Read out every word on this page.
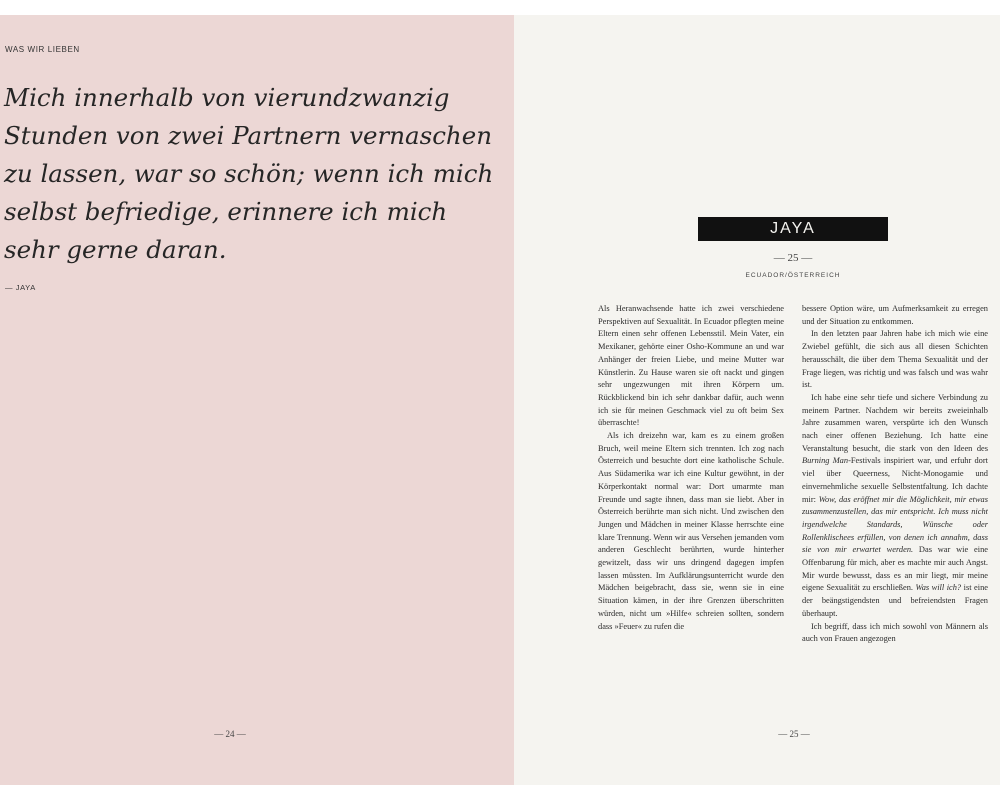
WAS WIR LIEBEN

Mich innerhalb von vierundzwanzig Stunden von zwei Partnern vernaschen zu lassen, war so schön; wenn ich mich selbst befriedige, erinnere ich mich sehr gerne daran.

— JAYA
— 24 —
JAYA
— 25 —
ECUADOR/ÖSTERREICH

Als Heranwachsende hatte ich zwei verschiedene Perspektiven auf Sexualität. In Ecuador pflegten meine Eltern einen sehr offenen Lebensstil. Mein Vater, ein Mexikaner, gehörte einer Osho-Kommune an und war Anhänger der freien Liebe, und meine Mutter war Künstlerin. Zu Hause waren sie oft nackt und gingen sehr ungezwungen mit ihren Körpern um. Rückblickend bin ich sehr dankbar dafür, auch wenn ich sie für meinen Geschmack viel zu oft beim Sex überraschte!

Als ich dreizehn war, kam es zu einem großen Bruch, weil meine Eltern sich trennten. Ich zog nach Österreich und besuchte dort eine katholische Schule. Aus Südamerika war ich eine Kultur gewöhnt, in der Körperkontakt normal war: Dort umarmte man Freunde und sagte ihnen, dass man sie liebt. Aber in Österreich berührte man sich nicht. Und zwischen den Jungen und Mädchen in meiner Klasse herrschte eine klare Trennung. Wenn wir aus Versehen jemanden vom anderen Geschlecht berührten, wurde hinterher gewitzelt, dass wir uns dringend dagegen impfen lassen müssten. Im Aufklärungsunterricht wurde den Mädchen beigebracht, dass sie, wenn sie in eine Situation kämen, in der ihre Grenzen überschritten würden, nicht um »Hilfe« schreien sollten, sondern dass »Feuer« zu rufen die

bessere Option wäre, um Aufmerksamkeit zu erregen und der Situation zu entkommen.

In den letzten paar Jahren habe ich mich wie eine Zwiebel gefühlt, die sich aus all diesen Schichten herausschält, die über dem Thema Sexualität und der Frage liegen, was richtig und was falsch und was wahr ist.

Ich habe eine sehr tiefe und sichere Verbindung zu meinem Partner. Nachdem wir bereits zweieinhalb Jahre zusammen waren, verspürte ich den Wunsch nach einer offenen Beziehung. Ich hatte eine Veranstaltung besucht, die stark von den Ideen des Burning Man-Festivals inspiriert war, und erfuhr dort viel über Queerness, Nicht-Monogamie und einvernehmliche sexuelle Selbstentfaltung. Ich dachte mir: Wow, das eröffnet mir die Möglichkeit, mir etwas zusammenzustellen, das mir entspricht. Ich muss nicht irgendwelche Standards, Wünsche oder Rollenklischees erfüllen, von denen ich annahm, dass sie von mir erwartet werden. Das war wie eine Offenbarung für mich, aber es machte mir auch Angst. Mir wurde bewusst, dass es an mir liegt, mir meine eigene Sexualität zu erschließen. Was will ich? ist eine der beängstigendsten und befreiendsten Fragen überhaupt.

Ich begriff, dass ich mich sowohl von Männern als auch von Frauen angezogen

— 25 —
